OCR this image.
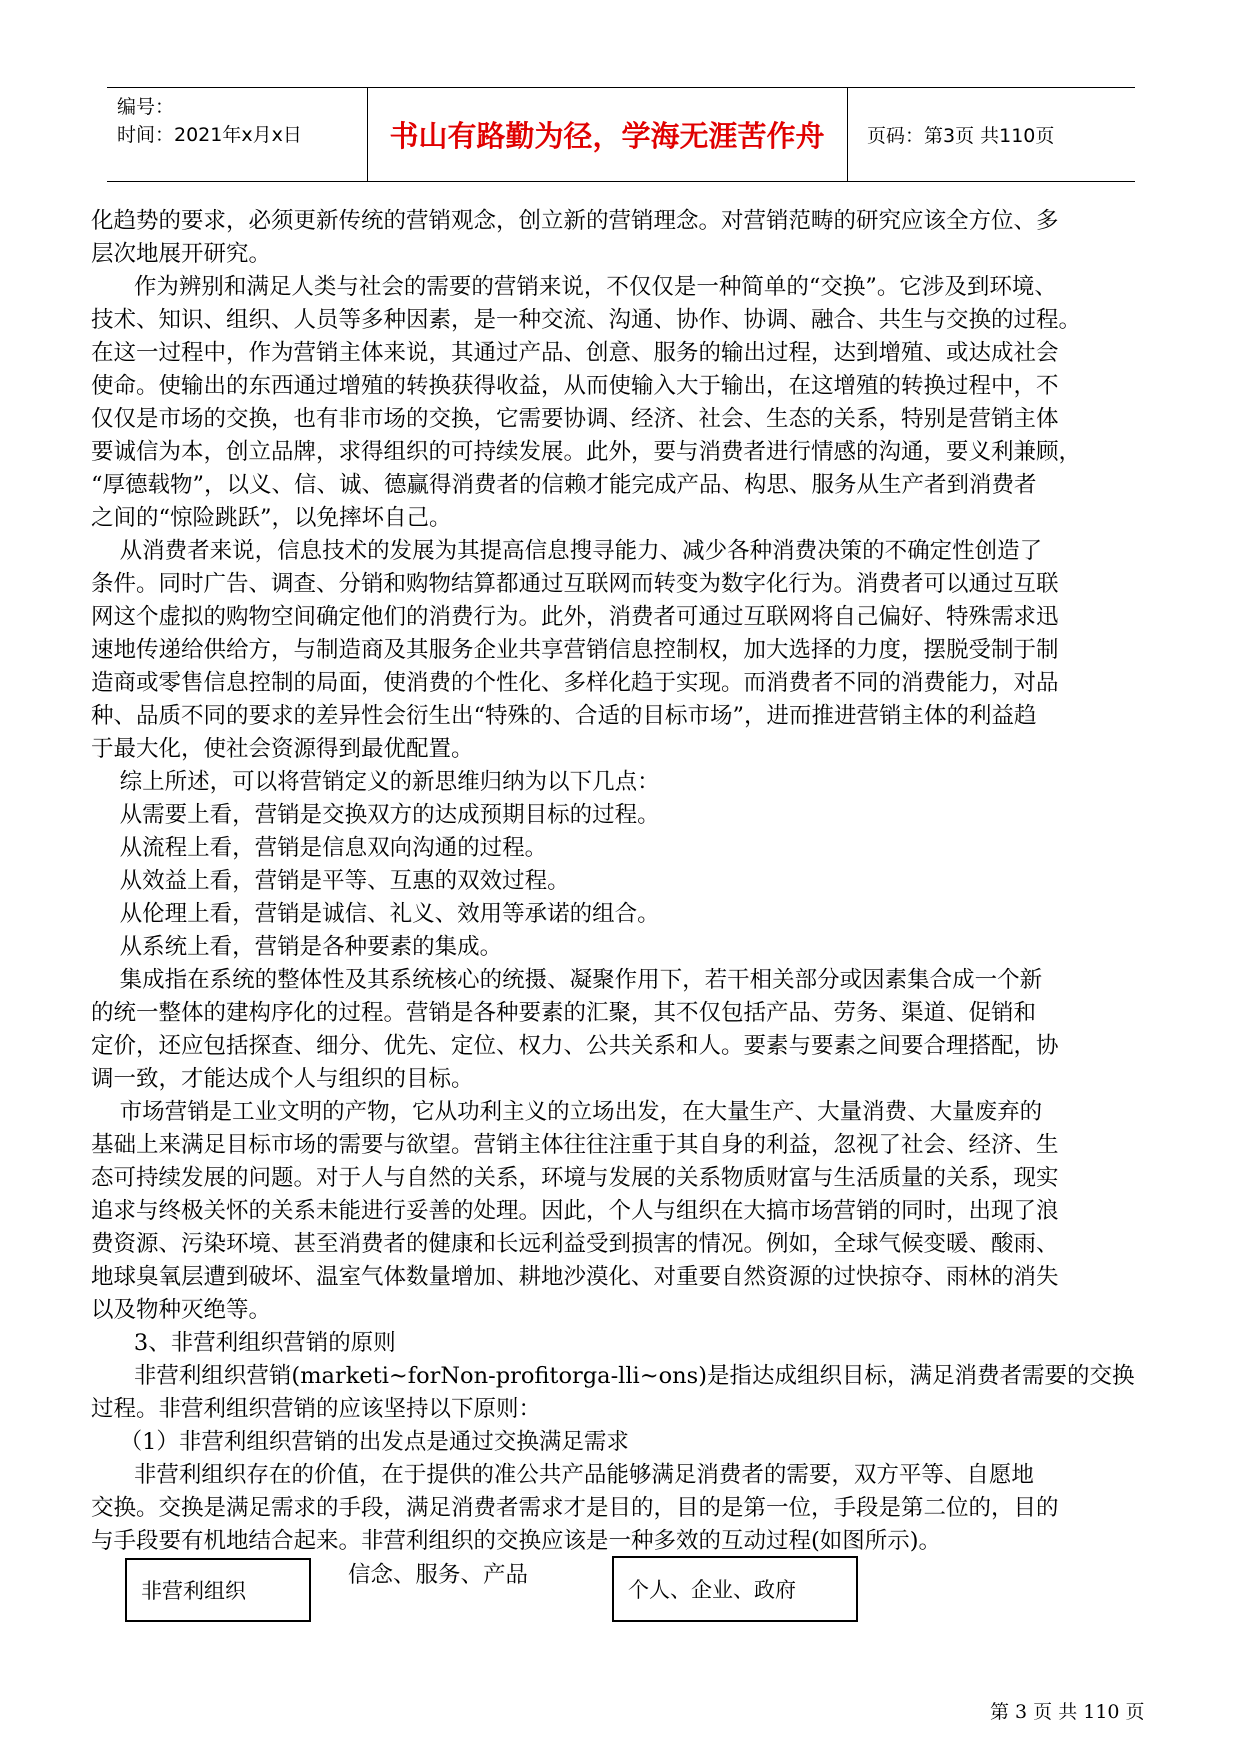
编号：
时间：2021年x月x日	书山有路勤为径，学海无涯苦作舟	页码：第3页 共110页
化趋势的要求，必须更新传统的营销观念，创立新的营销理念。对营销范畴的研究应该全方位、多
层次地展开研究。
作为辨别和满足人类与社会的需要的营销来说，不仅仅是一种简单的“交换”。它涉及到环境、
技术、知识、组织、人员等多种因素，是一种交流、沟通、协作、协调、融合、共生与交换的过程。
在这一过程中，作为营销主体来说，其通过产品、创意、服务的输出过程，达到增殖、或达成社会
使命。使输出的东西通过增殖的转换获得收益，从而使输入大于输出，在这增殖的转换过程中，不
仅仅是市场的交换，也有非市场的交换，它需要协调、经济、社会、生态的关系，特别是营销主体
要诚信为本，创立品牌，求得组织的可持续发展。此外，要与消费者进行情感的沟通，要义利兼顾，
“厚德载物”，以义、信、诚、德赢得消费者的信赖才能完成产品、构思、服务从生产者到消费者
之间的“惊险跳跃”，以免摔坏自己。
从消费者来说，信息技术的发展为其提高信息搜寻能力、减少各种消费决策的不确定性创造了
条件。同时广告、调查、分销和购物结算都通过互联网而转变为数字化行为。消费者可以通过互联
网这个虚拟的购物空间确定他们的消费行为。此外，消费者可通过互联网将自己偏好、特殊需求迅
速地传递给供给方，与制造商及其服务企业共享营销信息控制权，加大选择的力度，摆脱受制于制
造商或零售信息控制的局面，使消费的个性化、多样化趋于实现。而消费者不同的消费能力，对品
种、品质不同的要求的差异性会衍生出“特殊的、合适的目标市场”，进而推进营销主体的利益趋
于最大化，使社会资源得到最优配置。
综上所述，可以将营销定义的新思维归纳为以下几点：
从需要上看，营销是交换双方的达成预期目标的过程。
从流程上看，营销是信息双向沟通的过程。
从效益上看，营销是平等、互惠的双效过程。
从伦理上看，营销是诚信、礼义、效用等承诺的组合。
从系统上看，营销是各种要素的集成。
集成指在系统的整体性及其系统核心的统摄、凝聚作用下，若干相关部分或因素集合成一个新
的统一整体的建构序化的过程。营销是各种要素的汇聚，其不仅包括产品、劳务、渠道、促销和
定价，还应包括探查、细分、优先、定位、权力、公共关系和人。要素与要素之间要合理搭配，协
调一致，才能达成个人与组织的目标。
市场营销是工业文明的产物，它从功利主义的立场出发，在大量生产、大量消费、大量废弃的
基础上来满足目标市场的需要与欲望。营销主体往往注重于其自身的利益，忽视了社会、经济、生
态可持续发展的问题。对于人与自然的关系，环境与发展的关系物质财富与生活质量的关系，现实
追求与终极关怀的关系未能进行妥善的处理。因此，个人与组织在大搞市场营销的同时，出现了浪
费资源、污染环境、甚至消费者的健康和长远利益受到损害的情况。例如，全球气候变暖、酸雨、
地球臭氧层遭到破坏、温室气体数量增加、耕地沙漠化、对重要自然资源的过快掠夺、雨林的消失
以及物种灭绝等。
3、非营利组织营销的原则
非营利组织营销(marketi~forNon-profitorga-lli~ons)是指达成组织目标，满足消费者需要的交换
过程。非营利组织营销的应该坚持以下原则：
（1）非营利组织营销的出发点是通过交换满足需求
非营利组织存在的价值，在于提供的准公共产品能够满足消费者的需要，双方平等、自愿地
交换。交换是满足需求的手段，满足消费者需求才是目的，目的是第一位，手段是第二位的，目的
与手段要有机地结合起来。非营利组织的交换应该是一种多效的互动过程(如图所示)。
非营利组织
信念、服务、产品
个人、企业、政府
第 3 页 共 110 页
